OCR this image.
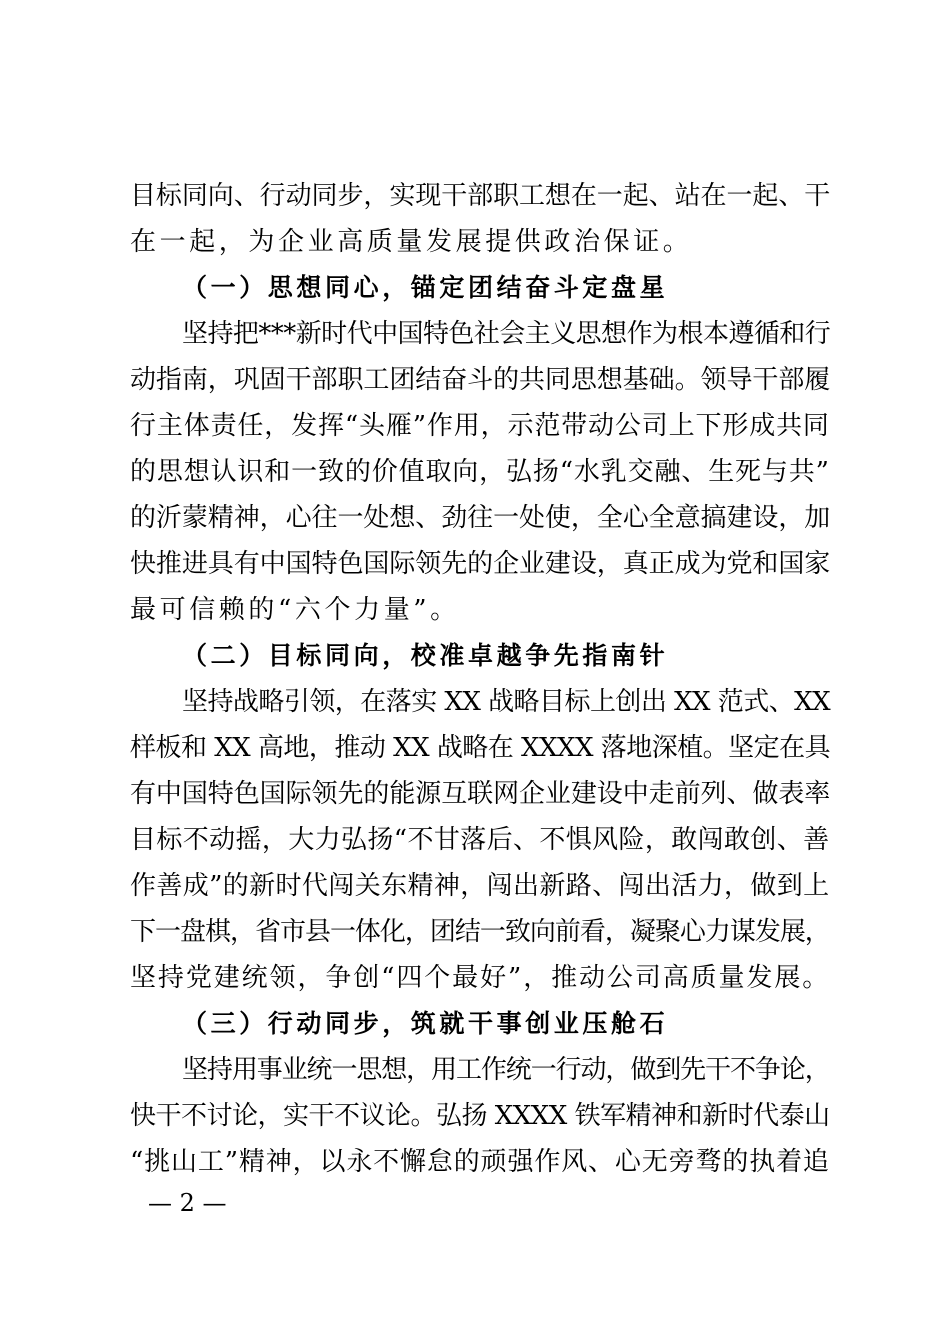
目标同向、行动同步，实现干部职工想在一起、站在一起、干
在一起，为企业高质量发展提供政治保证。
（一）思想同心，锚定团结奋斗定盘星
坚持把***新时代中国特色社会主义思想作为根本遵循和行
动指南，巩固干部职工团结奋斗的共同思想基础。领导干部履
行主体责任，发挥“头雁”作用，示范带动公司上下形成共同
的思想认识和一致的价值取向，弘扬“水乳交融、生死与共”
的沂蒙精神，心往一处想、劲往一处使，全心全意搞建设，加
快推进具有中国特色国际领先的企业建设，真正成为党和国家
最可信赖的“六个力量”。
（二）目标同向，校准卓越争先指南针
坚持战略引领，在落实 XX 战略目标上创出 XX 范式、XX
样板和 XX 高地，推动 XX 战略在 XXXX 落地深植。坚定在具
有中国特色国际领先的能源互联网企业建设中走前列、做表率
目标不动摇，大力弘扬“不甘落后、不惧风险，敢闯敢创、善
作善成”的新时代闯关东精神，闯出新路、闯出活力，做到上
下一盘棋，省市县一体化，团结一致向前看，凝聚心力谋发展，
坚持党建统领，争创“四个最好”，推动公司高质量发展。
（三）行动同步，筑就干事创业压舱石
坚持用事业统一思想，用工作统一行动，做到先干不争论，
快干不讨论，实干不议论。弘扬 XXXX 铁军精神和新时代泰山
“挑山工”精神，以永不懈怠的顽强作风、心无旁骛的执着追
— 2 —
